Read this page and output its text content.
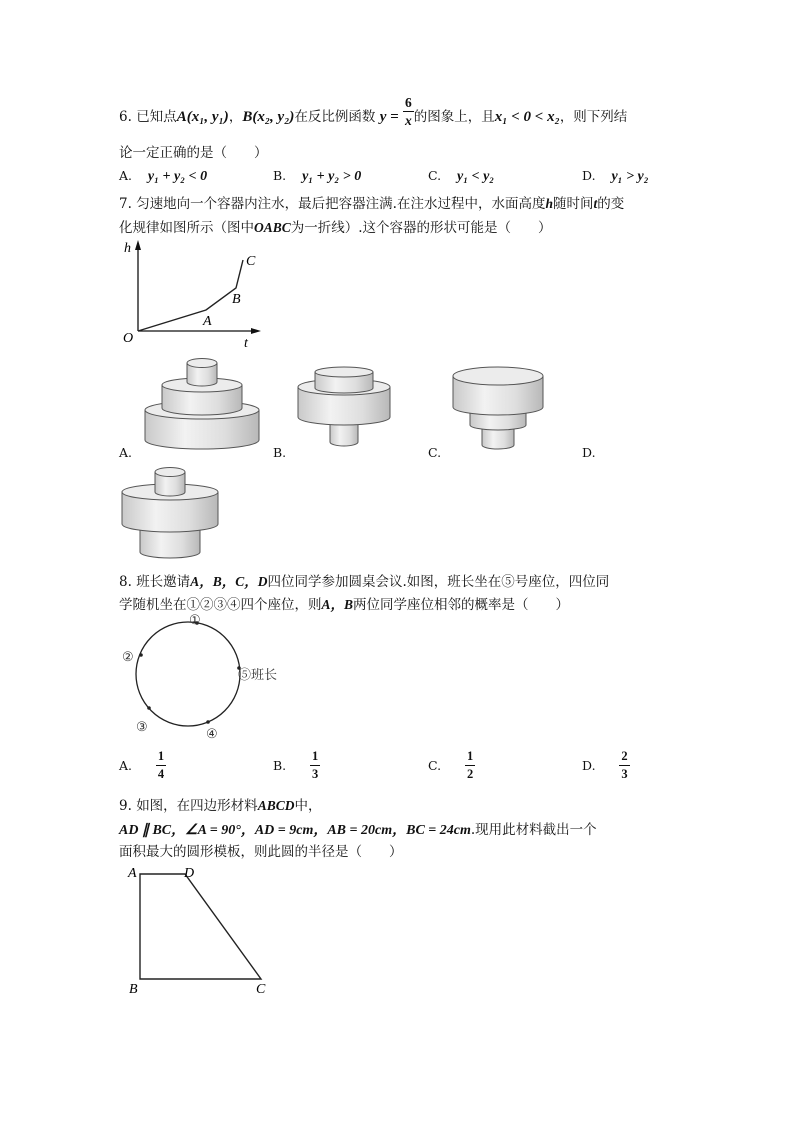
6. 已知点A(x₁, y₁)，B(x₂, y₂)在反比例函数 $y = \frac{6}{x}$ 的图象上，且x₁ < 0 < x₂，则下列结
论一定正确的是（　　）
A. y₁ + y₂ < 0	B. y₁ + y₂ > 0	C. y₁ < y₂	D. y₁ > y₂
7. 匀速地向一个容器内注水，最后把容器注满.在注水过程中，水面高度h随时间t的变
化规律如图所示（图中OABC为一折线）.这个容器的形状可能是（　　）
h
t
O
A
B
C
A.	B.	C.	D.
8. 班长邀请A，B，C，D四位同学参加圆桌会议.如图，班长坐在⑤号座位，四位同
学随机坐在①②③④四个座位，则A，B两位同学座位相邻的概率是（　　）
①
②
③	④
⑤班长
A. $\frac{1}{4}$	B. $\frac{1}{3}$	C. $\frac{1}{2}$	D. $\frac{2}{3}$
9. 如图，在四边形材料ABCD中，
AD ∥ BC，∠A = 90°，AD = 9cm，AB = 20cm，BC = 24cm.现用此材料截出一个
面积最大的圆形模板，则此圆的半径是（　　）
A	D
B	C
